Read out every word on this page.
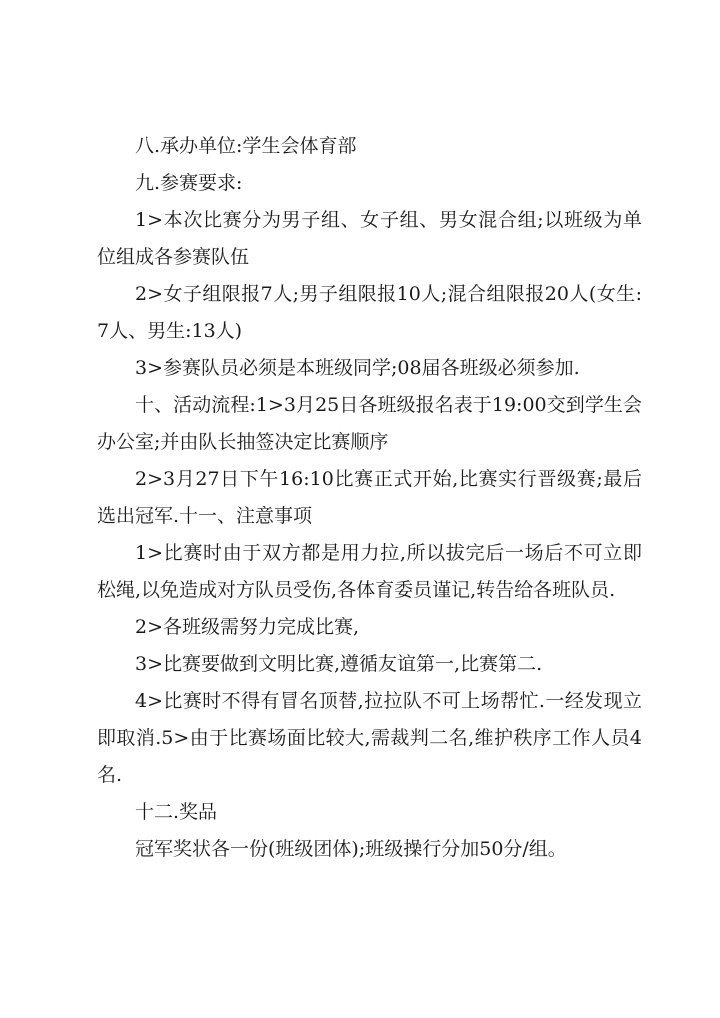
八.承办单位:学生会体育部

九.参赛要求:

1>本次比赛分为男子组、女子组、男女混合组;以班级为单位组成各参赛队伍

2>女子组限报7人;男子组限报10人;混合组限报20人(女生:7人、男生:13人)

3>参赛队员必须是本班级同学;08届各班级必须参加.

十、活动流程:1>3月25日各班级报名表于19:00交到学生会办公室;并由队长抽签决定比赛顺序

2>3月27日下午16:10比赛正式开始,比赛实行晋级赛;最后选出冠军.十一、注意事项

1>比赛时由于双方都是用力拉,所以拔完后一场后不可立即松绳,以免造成对方队员受伤,各体育委员谨记,转告给各班队员.

2>各班级需努力完成比赛,

3>比赛要做到文明比赛,遵循友谊第一,比赛第二.

4>比赛时不得有冒名顶替,拉拉队不可上场帮忙.一经发现立即取消.5>由于比赛场面比较大,需裁判二名,维护秩序工作人员4名.

十二.奖品

冠军奖状各一份(班级团体);班级操行分加50分/组。
